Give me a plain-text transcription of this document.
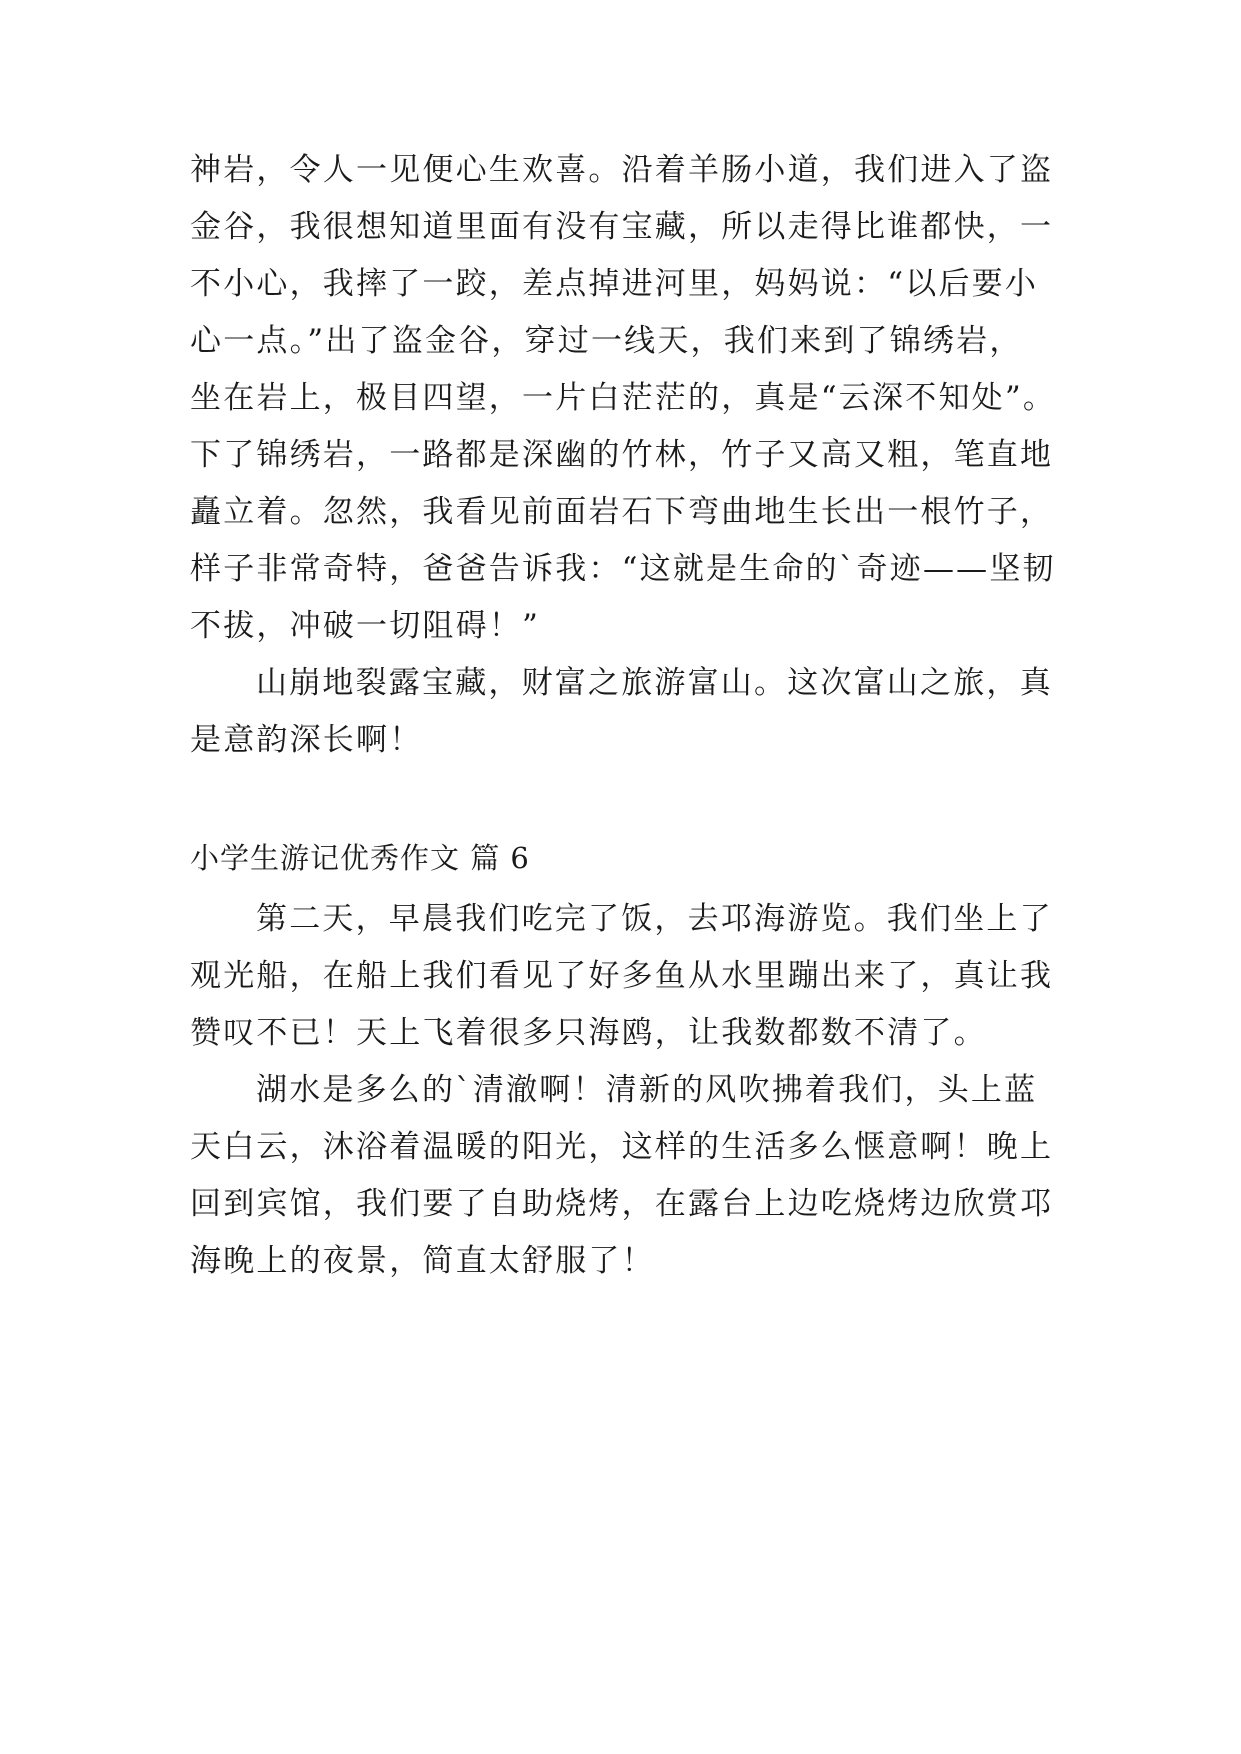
神岩，令人一见便心生欢喜。沿着羊肠小道，我们进入了盗
金谷，我很想知道里面有没有宝藏，所以走得比谁都快，一
不小心，我摔了一跤，差点掉进河里，妈妈说：“以后要小
心一点。”出了盗金谷，穿过一线天，我们来到了锦绣岩，
坐在岩上，极目四望，一片白茫茫的，真是“云深不知处”。
下了锦绣岩，一路都是深幽的竹林，竹子又高又粗，笔直地
矗立着。忽然，我看见前面岩石下弯曲地生长出一根竹子，
样子非常奇特，爸爸告诉我：“这就是生命的`奇迹——坚韧
不拔，冲破一切阻碍！”
山崩地裂露宝藏，财富之旅游富山。这次富山之旅，真
是意韵深长啊！
小学生游记优秀作文 篇 6
第二天，早晨我们吃完了饭，去邛海游览。我们坐上了
观光船，在船上我们看见了好多鱼从水里蹦出来了，真让我
赞叹不已！天上飞着很多只海鸥，让我数都数不清了。
湖水是多么的`清澈啊！清新的风吹拂着我们，头上蓝
天白云，沐浴着温暖的阳光，这样的生活多么惬意啊！晚上
回到宾馆，我们要了自助烧烤，在露台上边吃烧烤边欣赏邛
海晚上的夜景，简直太舒服了！
